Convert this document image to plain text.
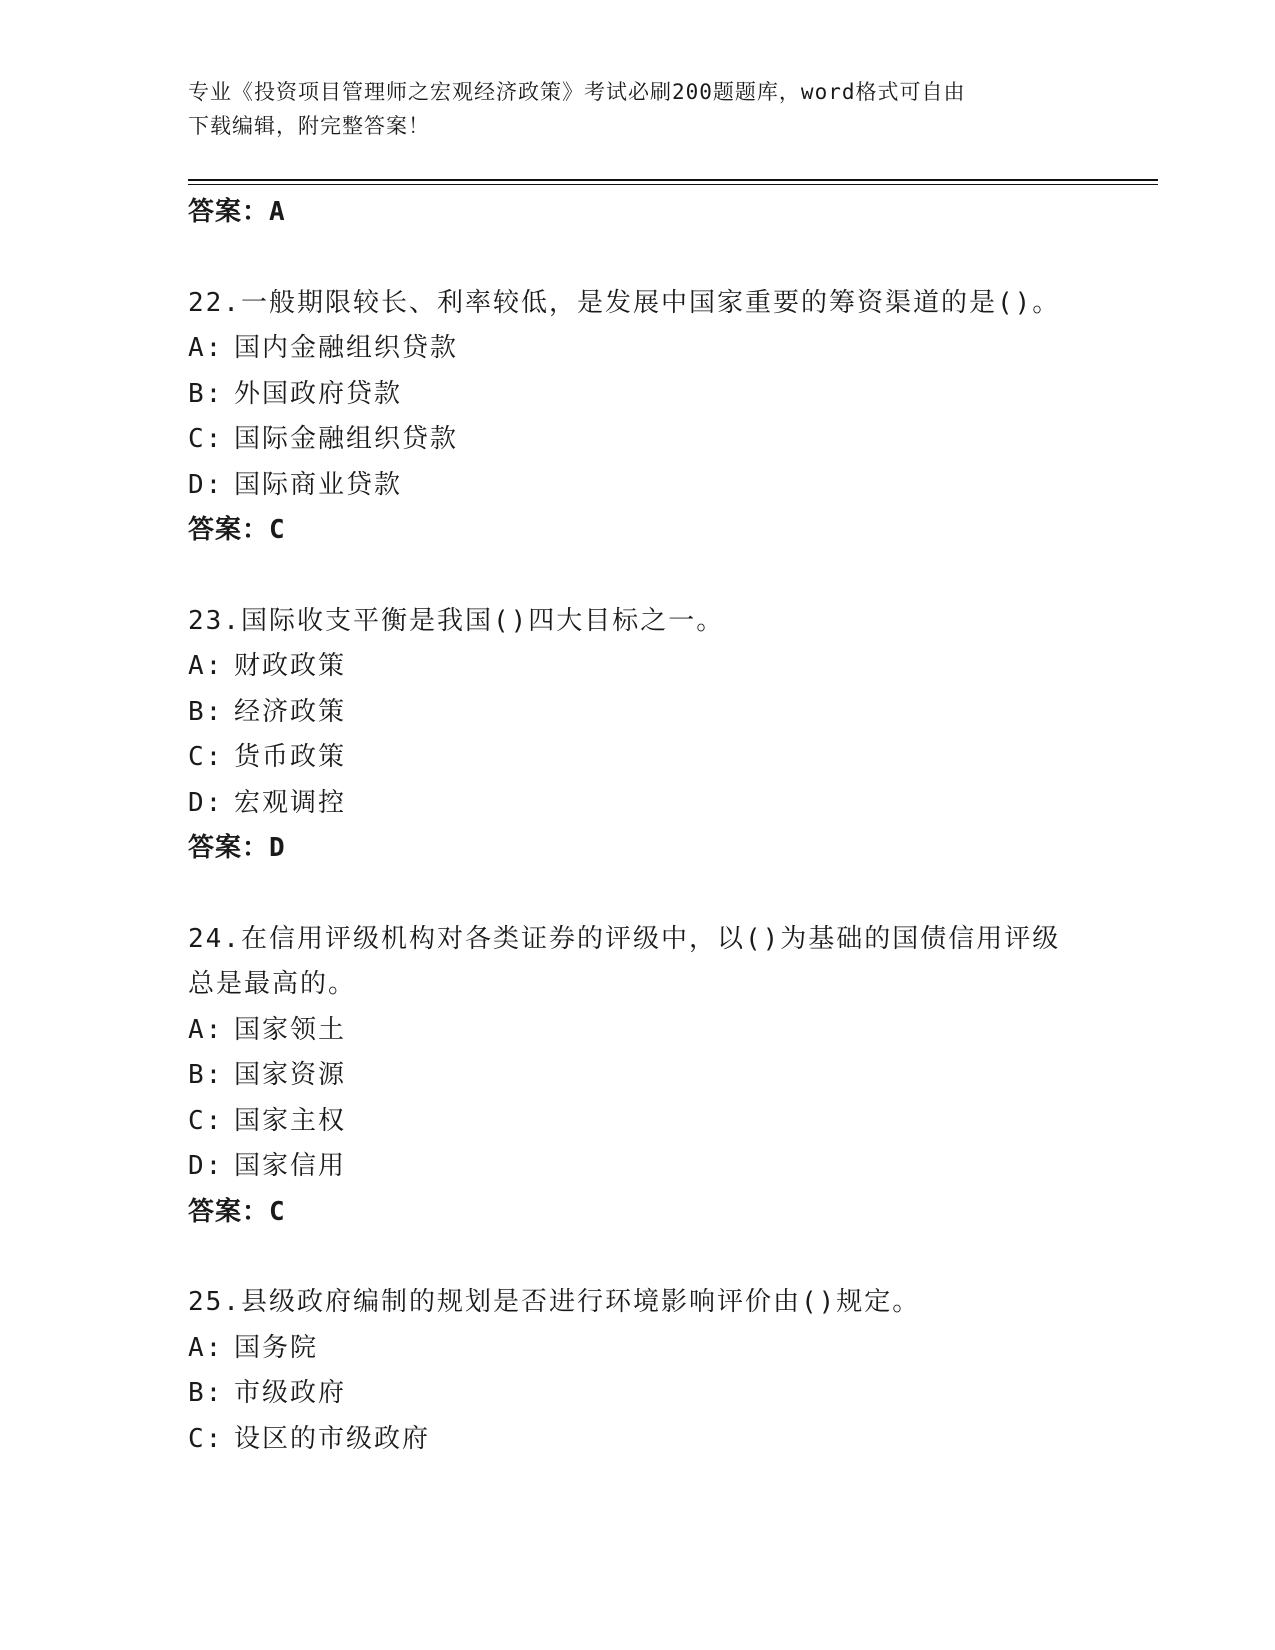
专业《投资项目管理师之宏观经济政策》考试必刷200题题库，word格式可自由
下载编辑，附完整答案！
答案：A
22.一般期限较长、利率较低，是发展中国家重要的筹资渠道的是()。
A: 国内金融组织贷款
B: 外国政府贷款
C: 国际金融组织贷款
D: 国际商业贷款
答案：C
23.国际收支平衡是我国()四大目标之一。
A: 财政政策
B: 经济政策
C: 货币政策
D: 宏观调控
答案：D
24.在信用评级机构对各类证券的评级中，以()为基础的国债信用评级
总是最高的。
A: 国家领土
B: 国家资源
C: 国家主权
D: 国家信用
答案：C
25.县级政府编制的规划是否进行环境影响评价由()规定。
A: 国务院
B: 市级政府
C: 设区的市级政府
